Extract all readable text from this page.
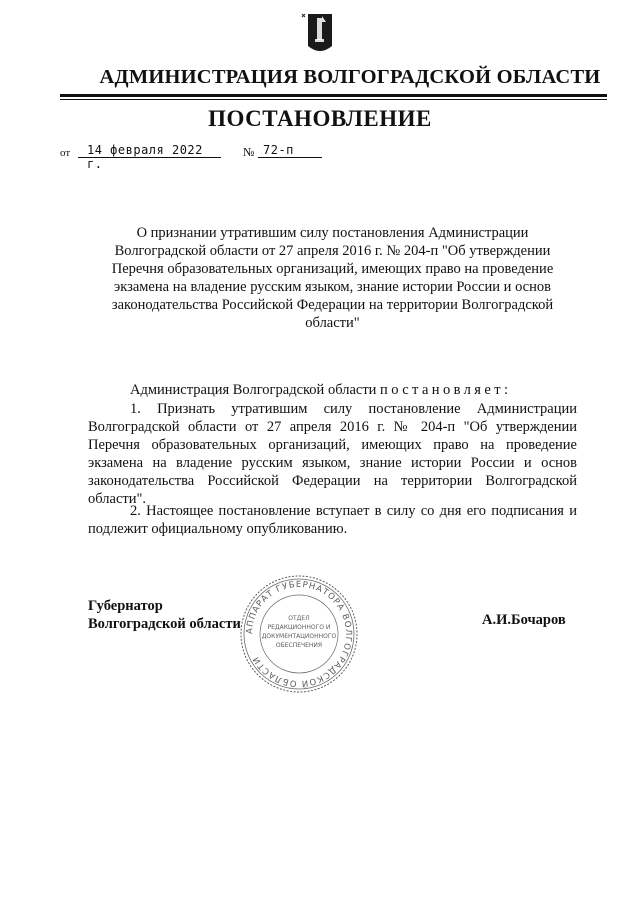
АДМИНИСТРАЦИЯ ВОЛГОГРАДСКОЙ ОБЛАСТИ
ПОСТАНОВЛЕНИЕ
от	14 февраля 2022 г.
№ 72-п
О признании утратившим силу постановления Администрации Волгоградской области от 27 апреля 2016 г. № 204-п "Об утверждении Перечня образовательных организаций, имеющих право на проведение экзамена на владение русским языком, знание истории России и основ законодательства Российской Федерации на территории Волгоградской области"
Администрация Волгоградской области постановляет:
1. Признать утратившим силу постановление Администрации Волгоградской области от 27 апреля 2016 г. № 204-п "Об утверждении Перечня образовательных организаций, имеющих право на проведение экзамена на владение русским языком, знание истории России и основ законодательства Российской Федерации на территории Волгоградской области".
2. Настоящее постановление вступает в силу со дня его подписания и подлежит официальному опубликованию.
Губернатор
Волгоградской области	А.И.Бочаров
АППАРАТ ГУБЕРНАТОРА ВОЛГОГРАДСКОЙ ОБЛАСТИ
ОТДЕЛ
РЕДАКЦИОННОГО И
ДОКУМЕНТАЦИОННОГО
ОБЕСПЕЧЕНИЯ
